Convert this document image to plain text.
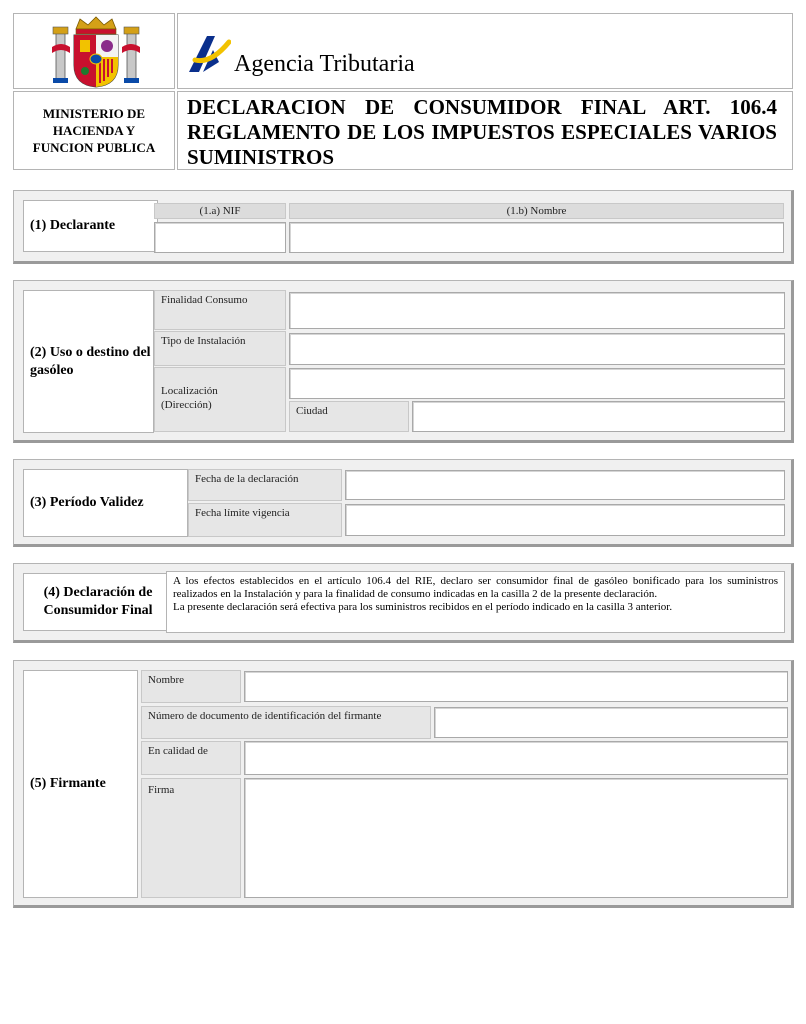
Agencia Tributaria
MINISTERIO DE HACIENDA Y FUNCION PUBLICA
DECLARACION DE CONSUMIDOR FINAL ART. 106.4 REGLAMENTO DE LOS IMPUESTOS ESPECIALES VARIOS SUMINISTROS
(1) Declarante
(1.a) NIF	(1.b) Nombre
(2) Uso o destino del gasóleo
Finalidad Consumo
Tipo de Instalación
Localización (Dirección)	Ciudad
(3) Período Validez
Fecha de la declaración
Fecha límite vigencia
(4) Declaración de Consumidor Final
A los efectos establecidos en el artículo 106.4 del RIE, declaro ser consumidor final de gasóleo bonificado para los suministros realizados en la Instalación y para la finalidad de consumo indicadas en la casilla 2 de la presente declaración.
La presente declaración será efectiva para los suministros recibidos en el período indicado en la casilla 3 anterior.
(5) Firmante
Nombre
Número de documento de identificación del firmante
En calidad de
Firma
